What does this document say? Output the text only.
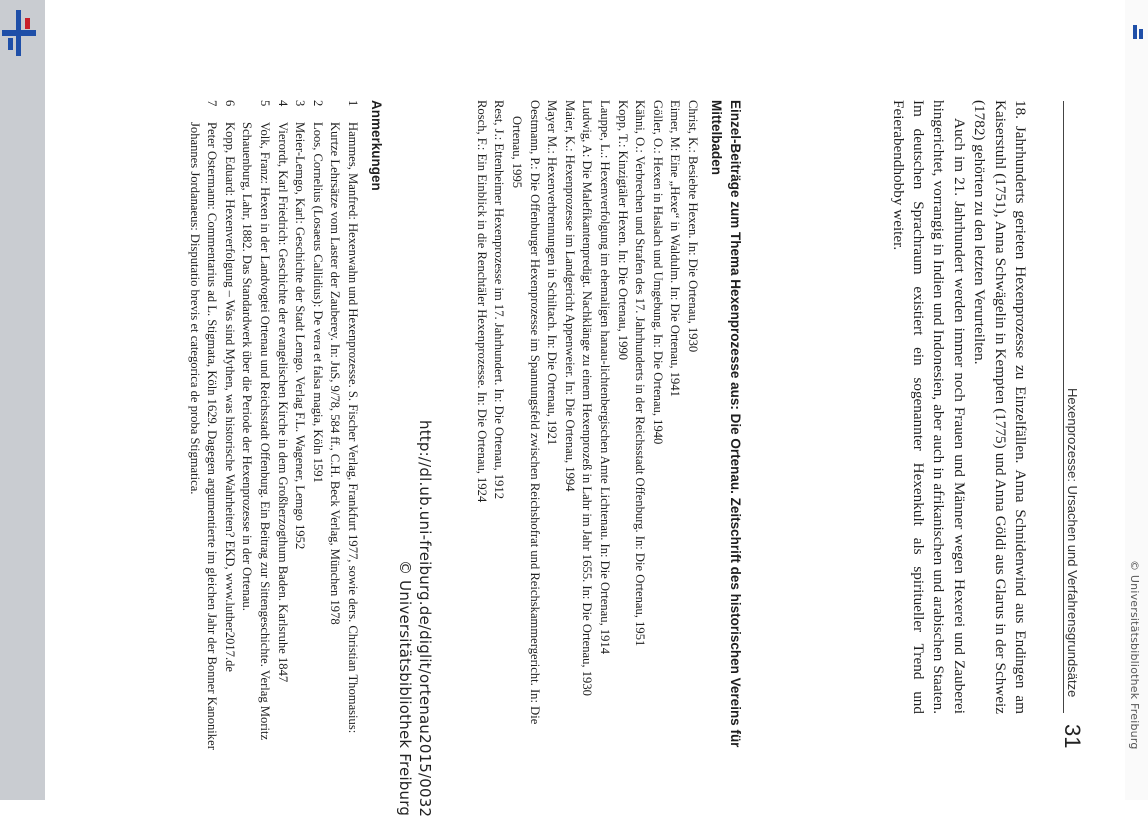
http://dl.ub.uni-freiburg.de/diglit/ortenau2015/0032
© Universitätsbibliothek Freiburg	© Universitätsbibliothek Freiburg
31
Hexenprozesse: Ursachen und Verfahrensgrundsätze

18. Jahrhunderts gerieten Hexenprozesse zu Einzelfällen. Anna Schnidenwind aus Endingen am Kaiserstuhl (1751), Anna Schwägelin in Kempten (1775) und Anna Göldi aus Glarus in der Schweiz (1782) gehörten zu den letzten Verurteilten.

Auch im 21. Jahrhundert werden immer noch Frauen und Männer wegen Hexerei und Zauberei hingerichtet, vorrangig in Indien und Indonesien, aber auch in afrikanischen und arabischen Staaten. Im deutschen Sprachraum existiert ein sogenannter Hexenkult als spiritueller Trend und Feierabendhobby weiter.

Einzel-Beiträge zum Thema Hexenprozesse aus: Die Ortenau. Zeitschrift des historischen Vereins für Mittelbaden
Christ, K.: Besiebte Hexen. In: Die Ortenau, 1930
Eimer, M: Eine „Hexe“ in Waldulm. In: Die Ortenau, 1941
Göller, O.: Hexen in Haslach und Umgebung. In: Die Ortenau, 1940
Kähni, O.: Verbrechen und Strafen des 17. Jahrhunderts in der Reichsstadt Offenburg. In: Die Ortenau, 1951
Kopp, T.: Kinzigtäler Hexen. In: Die Ortenau, 1990
Lauppe, L.: Hexenverfolgung im ehemaligen hanau-lichtenbergischen Amte Lichtenau. In: Die Ortenau, 1914
Ludwig, A: Die Malefikantenpredigt. Nachklänge zu einem Hexenprozeß in Lahr im Jahr 1655. In: Die Ortenau, 1930
Maier, K.: Hexenprozesse im Landgericht Appenweier. In: Die Ortenau, 1994
Mayer M.: Hexenverbrennungen in Schiltach. In: Die Ortenau, 1921
Oestmann, P.: Die Offenburger Hexenprozesse im Spannungsfeld zwischen Reichshofrat und Reichskammergericht. In: Die Ortenau, 1995
Rest, J.: Ettenheimer Hexenprozesse im 17. Jahrhundert. In: Die Ortenau, 1912
Rosch, F.: Ein Einblick in die Renchtäler Hexenprozesse. In: Die Ortenau, 1924
Anmerkungen
1
Hammes, Manfred: Hexenwahn und Hexenprozesse. S. Fischer Verlag, Frankfurt 1977, sowie ders. Christian Thomasius: Kurtze Lehrsätze vom Laster der Zauberey. In: JuS, 9/78, 584 ff., C.H. Beck Verlag, München 1978
2
Loos, Cornelius (Losaeus Callidius): De vera et falsa magia, Köln 1591
3
Meier-Lemgo, Karl: Geschichte der Stadt Lemgo. Verlag F.L. Wagener, Lemgo 1952
4
Vierordt, Karl Friedrich: Geschichte der evangelischen Kirche in dem Großherzogthum Baden. Karlsruhe 1847
5
Volk, Franz: Hexen in der Landvogtei Ortenau und Reichsstadt Offenburg. Ein Beitrag zur Sittengeschichte. Verlag Moritz Schauenburg, Lahr, 1882. Das Standardwerk über die Periode der Hexenprozesse in der Ortenau.
6
Kopp, Eduard: Hexenverfolgung – Was sind Mythen, was historische Wahrheiten? EKD, www.luther2017.de
7
Peter Ostermann: Commentarius ad L. Stigmata, Köln 1629. Dagegen argumentierte im gleichen Jahr der Bonner Kanoniker Johannes Jordanaeus: Disputatio brevis et categorica de proba Stigmatica.
